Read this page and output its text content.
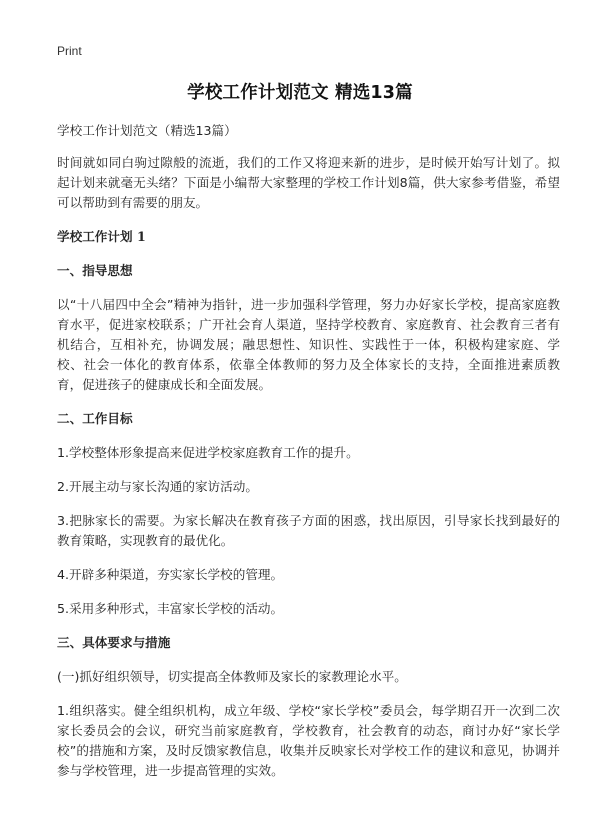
Print
学校工作计划范文 精选13篇

学校工作计划范文（精选13篇）

时间就如同白驹过隙般的流逝，我们的工作又将迎来新的进步，是时候开始写计划了。拟起计划来就毫无头绪？下面是小编帮大家整理的学校工作计划8篇，供大家参考借鉴，希望可以帮助到有需要的朋友。

学校工作计划 1

一、指导思想

以“十八届四中全会”精神为指针，进一步加强科学管理，努力办好家长学校，提高家庭教育水平，促进家校联系；广开社会育人渠道，坚持学校教育、家庭教育、社会教育三者有机结合，互相补充，协调发展；融思想性、知识性、实践性于一体，积极构建家庭、学校、社会一体化的教育体系，依靠全体教师的努力及全体家长的支持，全面推进素质教育，促进孩子的健康成长和全面发展。

二、工作目标

1.学校整体形象提高来促进学校家庭教育工作的提升。

2.开展主动与家长沟通的家访活动。

3.把脉家长的需要。为家长解决在教育孩子方面的困惑，找出原因，引导家长找到最好的教育策略，实现教育的最优化。

4.开辟多种渠道，夯实家长学校的管理。

5.采用多种形式，丰富家长学校的活动。

三、具体要求与措施

(一)抓好组织领导，切实提高全体教师及家长的家教理论水平。

1.组织落实。健全组织机构，成立年级、学校“家长学校”委员会，每学期召开一次到二次家长委员会的会议，研究当前家庭教育，学校教育，社会教育的动态，商讨办好“家长学校”的措施和方案，及时反馈家教信息，收集并反映家长对学校工作的建议和意见，协调并参与学校管理，进一步提高管理的实效。
